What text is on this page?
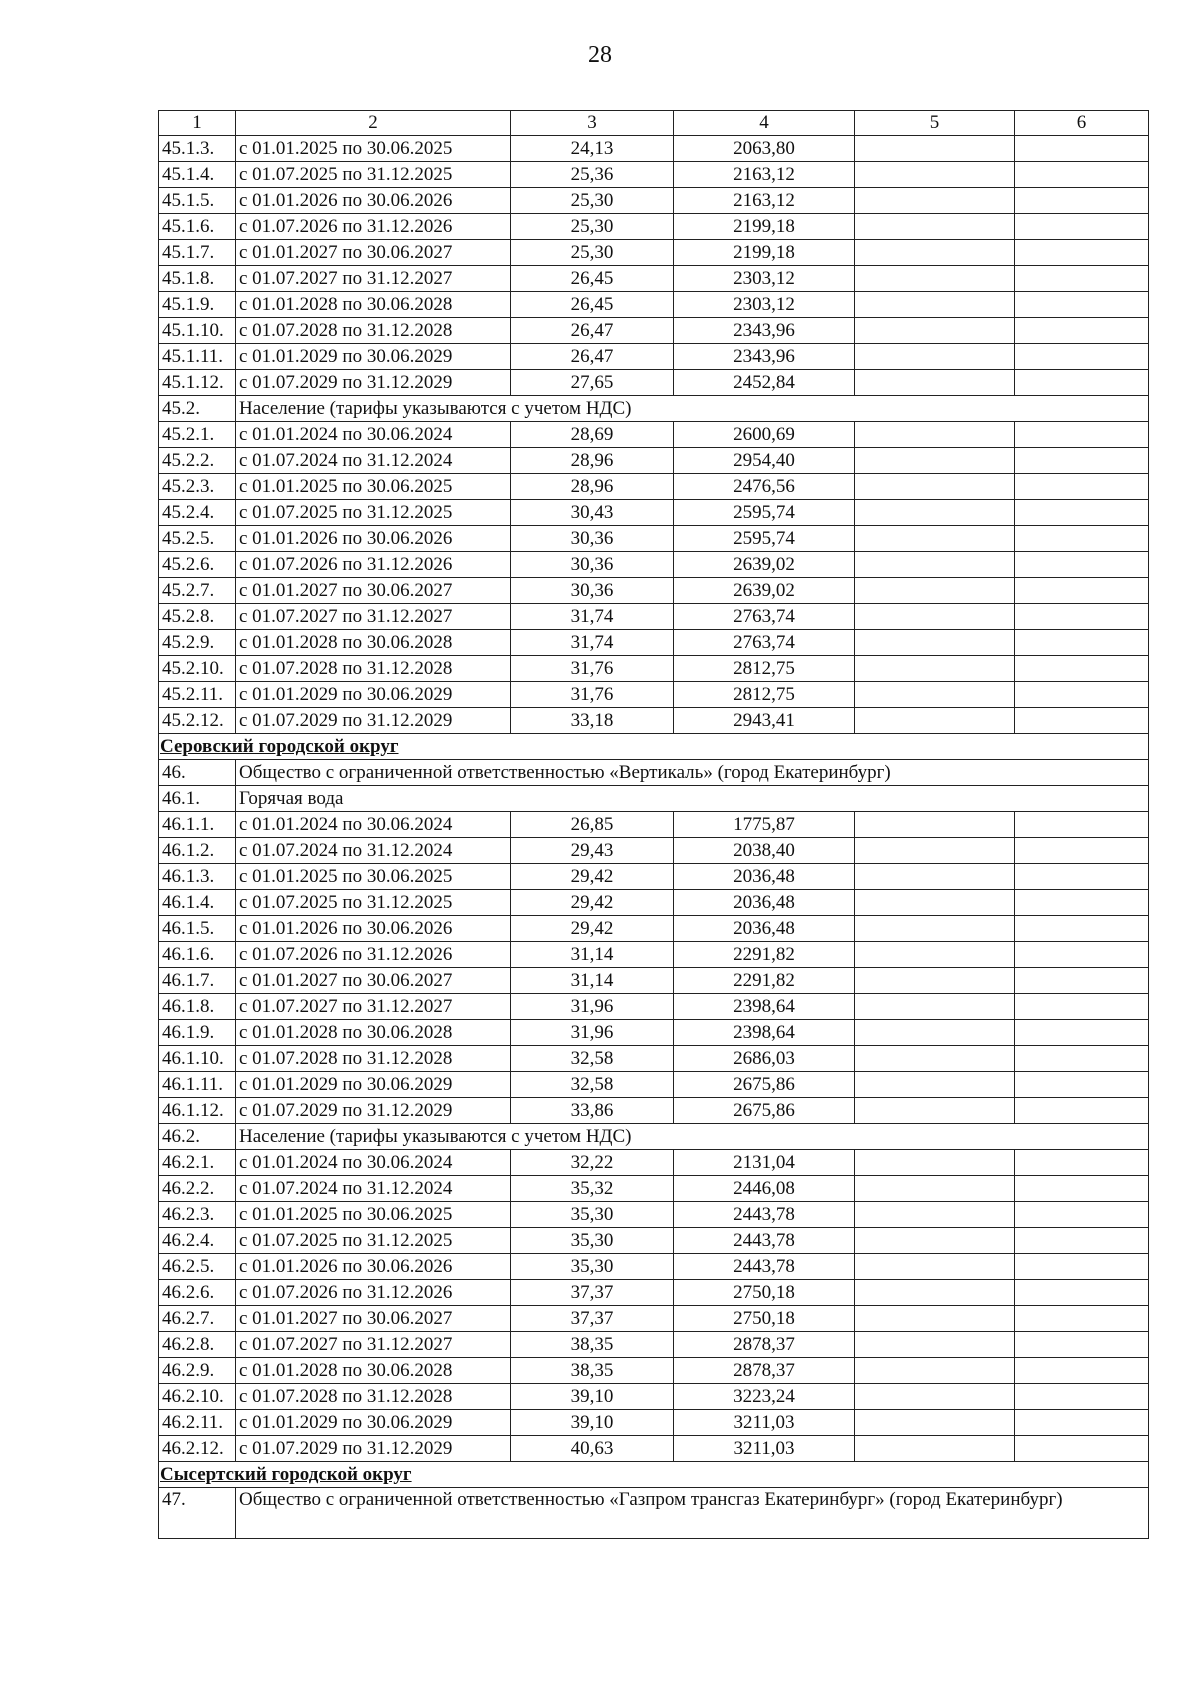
28
1	2	3	4	5	6
45.1.3.	с 01.01.2025 по 30.06.2025	24,13	2063,80		
45.1.4.	с 01.07.2025 по 31.12.2025	25,36	2163,12		
45.1.5.	с 01.01.2026 по 30.06.2026	25,30	2163,12		
45.1.6.	с 01.07.2026 по 31.12.2026	25,30	2199,18		
45.1.7.	с 01.01.2027 по 30.06.2027	25,30	2199,18		
45.1.8.	с 01.07.2027 по 31.12.2027	26,45	2303,12		
45.1.9.	с 01.01.2028 по 30.06.2028	26,45	2303,12		
45.1.10.	с 01.07.2028 по 31.12.2028	26,47	2343,96		
45.1.11.	с 01.01.2029 по 30.06.2029	26,47	2343,96		
45.1.12.	с 01.07.2029 по 31.12.2029	27,65	2452,84		
45.2.	Население (тарифы указываются с учетом НДС)				
45.2.1.	с 01.01.2024 по 30.06.2024	28,69	2600,69		
45.2.2.	с 01.07.2024 по 31.12.2024	28,96	2954,40		
45.2.3.	с 01.01.2025 по 30.06.2025	28,96	2476,56		
45.2.4.	с 01.07.2025 по 31.12.2025	30,43	2595,74		
45.2.5.	с 01.01.2026 по 30.06.2026	30,36	2595,74		
45.2.6.	с 01.07.2026 по 31.12.2026	30,36	2639,02		
45.2.7.	с 01.01.2027 по 30.06.2027	30,36	2639,02		
45.2.8.	с 01.07.2027 по 31.12.2027	31,74	2763,74		
45.2.9.	с 01.01.2028 по 30.06.2028	31,74	2763,74		
45.2.10.	с 01.07.2028 по 31.12.2028	31,76	2812,75		
45.2.11.	с 01.01.2029 по 30.06.2029	31,76	2812,75		
45.2.12.	с 01.07.2029 по 31.12.2029	33,18	2943,41		
Серовский городской округ					
46.	Общество с ограниченной ответственностью «Вертикаль» (город Екатеринбург)				
46.1.	Горячая вода				
46.1.1.	с 01.01.2024 по 30.06.2024	26,85	1775,87		
46.1.2.	с 01.07.2024 по 31.12.2024	29,43	2038,40		
46.1.3.	с 01.01.2025 по 30.06.2025	29,42	2036,48		
46.1.4.	с 01.07.2025 по 31.12.2025	29,42	2036,48		
46.1.5.	с 01.01.2026 по 30.06.2026	29,42	2036,48		
46.1.6.	с 01.07.2026 по 31.12.2026	31,14	2291,82		
46.1.7.	с 01.01.2027 по 30.06.2027	31,14	2291,82		
46.1.8.	с 01.07.2027 по 31.12.2027	31,96	2398,64		
46.1.9.	с 01.01.2028 по 30.06.2028	31,96	2398,64		
46.1.10.	с 01.07.2028 по 31.12.2028	32,58	2686,03		
46.1.11.	с 01.01.2029 по 30.06.2029	32,58	2675,86		
46.1.12.	с 01.07.2029 по 31.12.2029	33,86	2675,86		
46.2.	Население (тарифы указываются с учетом НДС)				
46.2.1.	с 01.01.2024 по 30.06.2024	32,22	2131,04		
46.2.2.	с 01.07.2024 по 31.12.2024	35,32	2446,08		
46.2.3.	с 01.01.2025 по 30.06.2025	35,30	2443,78		
46.2.4.	с 01.07.2025 по 31.12.2025	35,30	2443,78		
46.2.5.	с 01.01.2026 по 30.06.2026	35,30	2443,78		
46.2.6.	с 01.07.2026 по 31.12.2026	37,37	2750,18		
46.2.7.	с 01.01.2027 по 30.06.2027	37,37	2750,18		
46.2.8.	с 01.07.2027 по 31.12.2027	38,35	2878,37		
46.2.9.	с 01.01.2028 по 30.06.2028	38,35	2878,37		
46.2.10.	с 01.07.2028 по 31.12.2028	39,10	3223,24		
46.2.11.	с 01.01.2029 по 30.06.2029	39,10	3211,03		
46.2.12.	с 01.07.2029 по 31.12.2029	40,63	3211,03		
Сысертский городской округ					
47.	Общество с ограниченной ответственностью «Газпром трансгаз Екатеринбург» (город Екатеринбург)				
